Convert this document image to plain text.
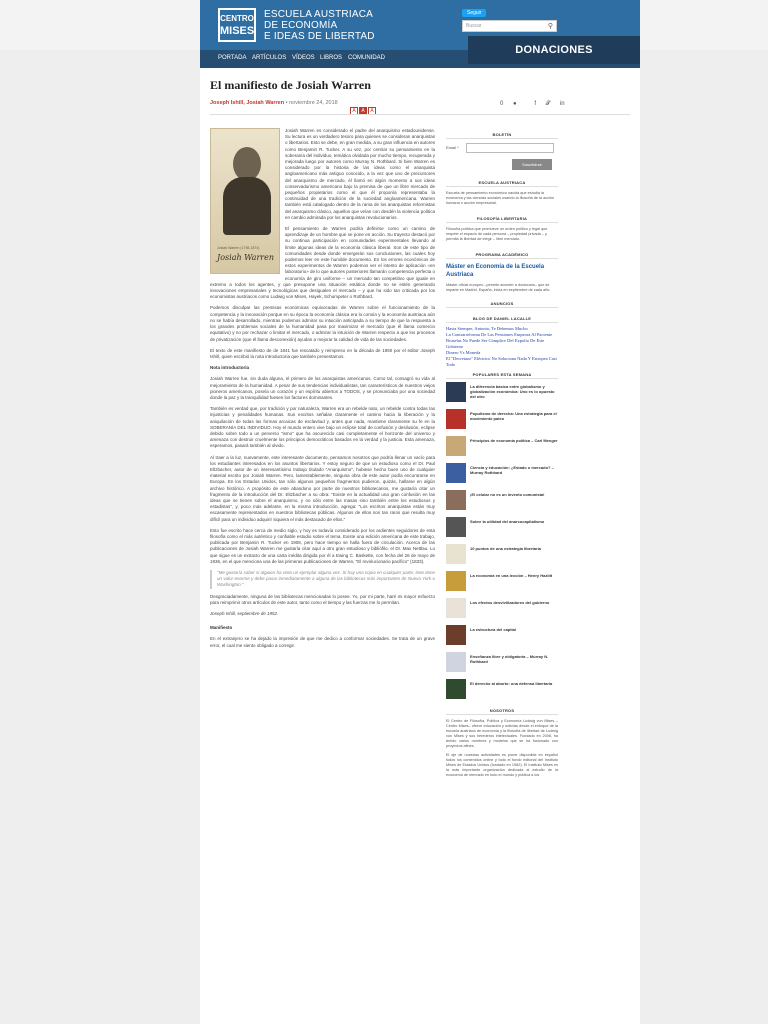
CENTRO
MISES
ESCUELA AUSTRIACA
DE ECONOMÍA
E IDEAS DE LIBERTAD
Seguir
Buscar	⚲
PORTADA ARTÍCULOS VÍDEOS LIBROS COMUNIDAD
DONACIONES
El manifiesto de Josiah Warren
Joseph Ishill, Josiah Warren • noviembre 24, 2018
A A A
0 ●	f 𝓣 in
Josiah Warren (1798-1874)
Josiah Warren

Josiah Warren es considerado el padre del anarquismo estadounidense. Su lectura es un verdadero tesoro para quienes se consideran anarquistas o libertarios. Esto se debe, en gran medida, a su gran influencia en autores como Benjamin R. Tucker. A su vez, por centrar su pensamiento en la soberanía del individuo, temática olvidada por mucho tiempo, recuperada y mejorada luego por autores como Murray N. Rothbard. Si bien Warren es considerado por la historia de las ideas como el anarquista angloamericano más antiguo conocido, a la vez que uno de precursores del anarquismo de mercado, él llamó en algún momento a sus ideas conservadurismo americano bajo la premisa de que un libre mercado de pequeños propietarios como el que él proponía representaba la continuidad de una tradición de la sociedad angloamericana. Warren también está catalogado dentro de la rama de los anarquistas reformistas del anarquismo clásico, aquellos que veían con desdén la violencia política en cambio admirada por los anarquistas revolucionarios.

El pensamiento de Warren podría definirse como un camino de aprendizaje de un hombre que se pone en acción. Su trayecto destacó por su continua participación en comunidades experimentales llevando al límite algunas ideas de la economía clásica liberal. Son de este tipo de comunidades desde donde emergerán sus conclusiones, las cuales hoy podemos leer en este humilde documento. En los errores económicos de estos experimentos de Warren podemos ver el intento de aplicación «en laboratorio» de lo que autores posteriores llamarán competencia perfecta o economía de giro uniforme – un mercado tan competitivo que iguale en extremo a todos los agentes, y que presupone una situación estática donde no se estén generando innovaciones empresariales y tecnológicas que desigualen el mercado – y que ha sido tan criticada por los economistas austriacos como Ludwig von Mises, Hayek, Schumpeter o Rothbard.

Podemos disculpar las premisas económicas equivocadas de Warren sobre el funcionamiento de la competencia y la innovación porque en su época la economía clásica era lo común y la economía austriaca aún no se había desarrollado, mientras podemos admirar su intuición anticipada a su tiempo de que la respuesta a los grandes problemas sociales de la humanidad pasa por maximizar el mercado (que él llama comercio equitativo) y no por rechazar o limitar el mercado, o admirar la intuición de Warren respecto a que los procesos de privatización (que él llama desconexión) ayudan a mejorar la calidad de vida de las sociedades.

El texto de este manifiesto de de 1841 fue rescatado y reimpreso en la década de 1950 por el editor Joseph Ishill, quien escribió la nota introductoria que también presentamos.

Nota introductoria

Josiah Warren fue, sin duda alguna, el primero de los anarquistas americanos. Como tal, consagró su vida al mejoramiento de la humanidad. A pesar de sus tendencias individualistas, tan característicos de nuestros viejos pioneros americanos, poseía un corazón y un espíritu abiertos a TODOS, y se pronunciaba por una sociedad donde la paz y la tranquilidad fuesen los factores dominantes.

También es verdad que, por tradición y por naturaleza, Warren era un rebelde nato, un rebelde contra todas las injusticias y penalidades humanas. Sus escritos señalan claramente el camino hacia la liberación y la aniquilación de todas las formas arcaicas de esclavitud y, antes que nada, mantiene claramente su fe en la SOBERANÍA DEL INDIVIDUO. Hoy el mundo entero vive bajo un eclipse total de confusión y desilusión, eclipse debido sobre todo a un perverso "ismo" que ha oscurecido casi completamente el horizonte del universo y amenaza con destruir cruelmente los principios democráticos basados en la verdad y la justicia. Esta amenaza, esperamos, pasará también al olvido.

Al traer a la luz, nuevamente, este interesante documento, pensamos nosotros que podría llenar un vacío para los estudiantes interesados en los asuntos libertarios. Y estoy seguro de que un estudioso como el Dr. Paul Eltzbacher, autor de un interesantísimo trabajo titulado "Anarquismo", hubiese hecho buen uso de cualquier material escrito por Josiah Warren. Pero, lamentablemente, ninguna obra de este autor podía encontrarse en Europa. En los Estados Unidos, tan sólo algunos pequeños fragmentos pudieron, quizás, hallarse en algún archivo histórico. A propósito de este abandono por parte de nuestros bibliotecarios, me gustaría citar un fragmento de la introducción del Dr. Eltzbacher a su obra: "Existe en la actualidad una gran confusión en las ideas que se tienen sobre el anarquismo, y no sólo entre las masas sino también entre los estudiosos y estadistas", y, poco más adelante, en la misma introducción, agrega: "Los escritos anarquistas están muy escasamente representados en nuestros bibliotecas públicas. Algunos de ellos son tan raros que resulta muy difícil para un individuo adquirir siquiera el más destacado de ellos."

Esto fue escrito hace cerca de medio siglo, y hoy es todavía considerado por los ardientes seguidores de esta filosofía como el más auténtico y confiable estudio sobre el tema. Existe una edición americana de este trabajo, publicada por Benjamin R. Tucker en 1908, pero hace tiempo se halla fuera de circulación. Acerca de las publicaciones de Josiah Warren me gustaría citar aquí a otro gran estudioso y bibliófilo, el Dr. Max Nettlau. Lo que sigue es un extracto de una carta inédita dirigida por él a Ewing C. Baskette, con fecha del 26 de mayo de 1936, en el que menciona una de las primeras publicaciones de Warren, "El revolucionario pacífico" (1833).

"Me gustaría saber si alguien ha visto un ejemplar alguna vez. Si hay una copia en cualquier parte, éste tiene un valor enorme y debe pasar inmediatamente a alguna de las bibliotecas más importantes de Nueva York o Washington."

Desgraciadamente, ninguna de las bibliotecas mencionadas lo posee. Yo, por mi parte, haré mi mayor esfuerzo para reimprimir otros artículos de este autor, tanto como el tiempo y las fuerzas me lo permitan.

Joseph Ishill, septiembre de 1952.

Manifiesto

En el extranjero se ha dejado la impresión de que me dedico a conformar sociedades. Se trata de un grave error, el cual me siento obligado a corregir.

BOLETÍN
Email *
Suscribirse
ESCUELA AUSTRIACA
Escuela de pensamiento económico nacida que estudia la economía y las ciencias sociales usando la filosofía de la acción humana o acción empresarial.
FILOSOFÍA LIBERTARIA
Filosofía política que promueve un orden político y legal que respete el espacio de cada persona – propiedad privada – y permita la libertad de elegir – libre mercado.
PROGRAMA ACADÉMICO
Máster en Economía de la Escuela Austriaca
Máster oficial europeo –permite acceder a doctorado– que se imparte en Madrid, España, inicia en septiembre de cada año.
ANUNCIOS
BLOG DE DANIEL LACALLE
Hasta Siempre, Antonio, Te Debemos Mucho
La Contrarreforma De Las Pensiones Empeora Al Paciente
Bruselas No Puede Ser Cómplice Del Expolio De Este Gobierno
Dinero Vs Moneda
El "Decretazo" Eléctrico No Soluciona Nada Y Estropea Casi Todo
POPULARES ESTA SEMANA
La diferencia básica entre globalismo y globalización económica: Uno es lo opuesto del otro
Populismo de derecha: Una estrategia para el movimiento paleo
Principios de economía política – Carl Menger
Ciencia y educación: ¿Estado o mercado? – Murray Rothbard
¡El celular no es un invento comunista!
Sobre la utilidad del anarcocapitalismo
10 puntos de una estrategia libertaria
La economía en una lección – Henry Hazlitt
Los efectos desvivilizadores del gobierno
La estructura del capital
Enseñanza libre y obligatoria – Murray N. Rothbard
El derecho al aborto: una defensa libertaria
NOSOTROS
El Centro de Filosofía, Política y Economía Ludwig von Mises –Centro Mises– ofrece educación y noticias desde el enfoque de la escuela austriaca de economía y la filosofía de libertad de Ludwig von Mises y sus herederos intelectuales. Fundado en 2006, ha tenido varios nombres y modelos que se ha fusionado con proyectos afines.
El eje de nuestras actividades es poner disponible en español todos los contenidos online y todo el fondo editorial del Instituto Mises de Estados Unidos (fundado en 1982). El Instituto Mises es la más importante organización dedicada al estudio de la economía de mercado en todo el mundo y publica a los
